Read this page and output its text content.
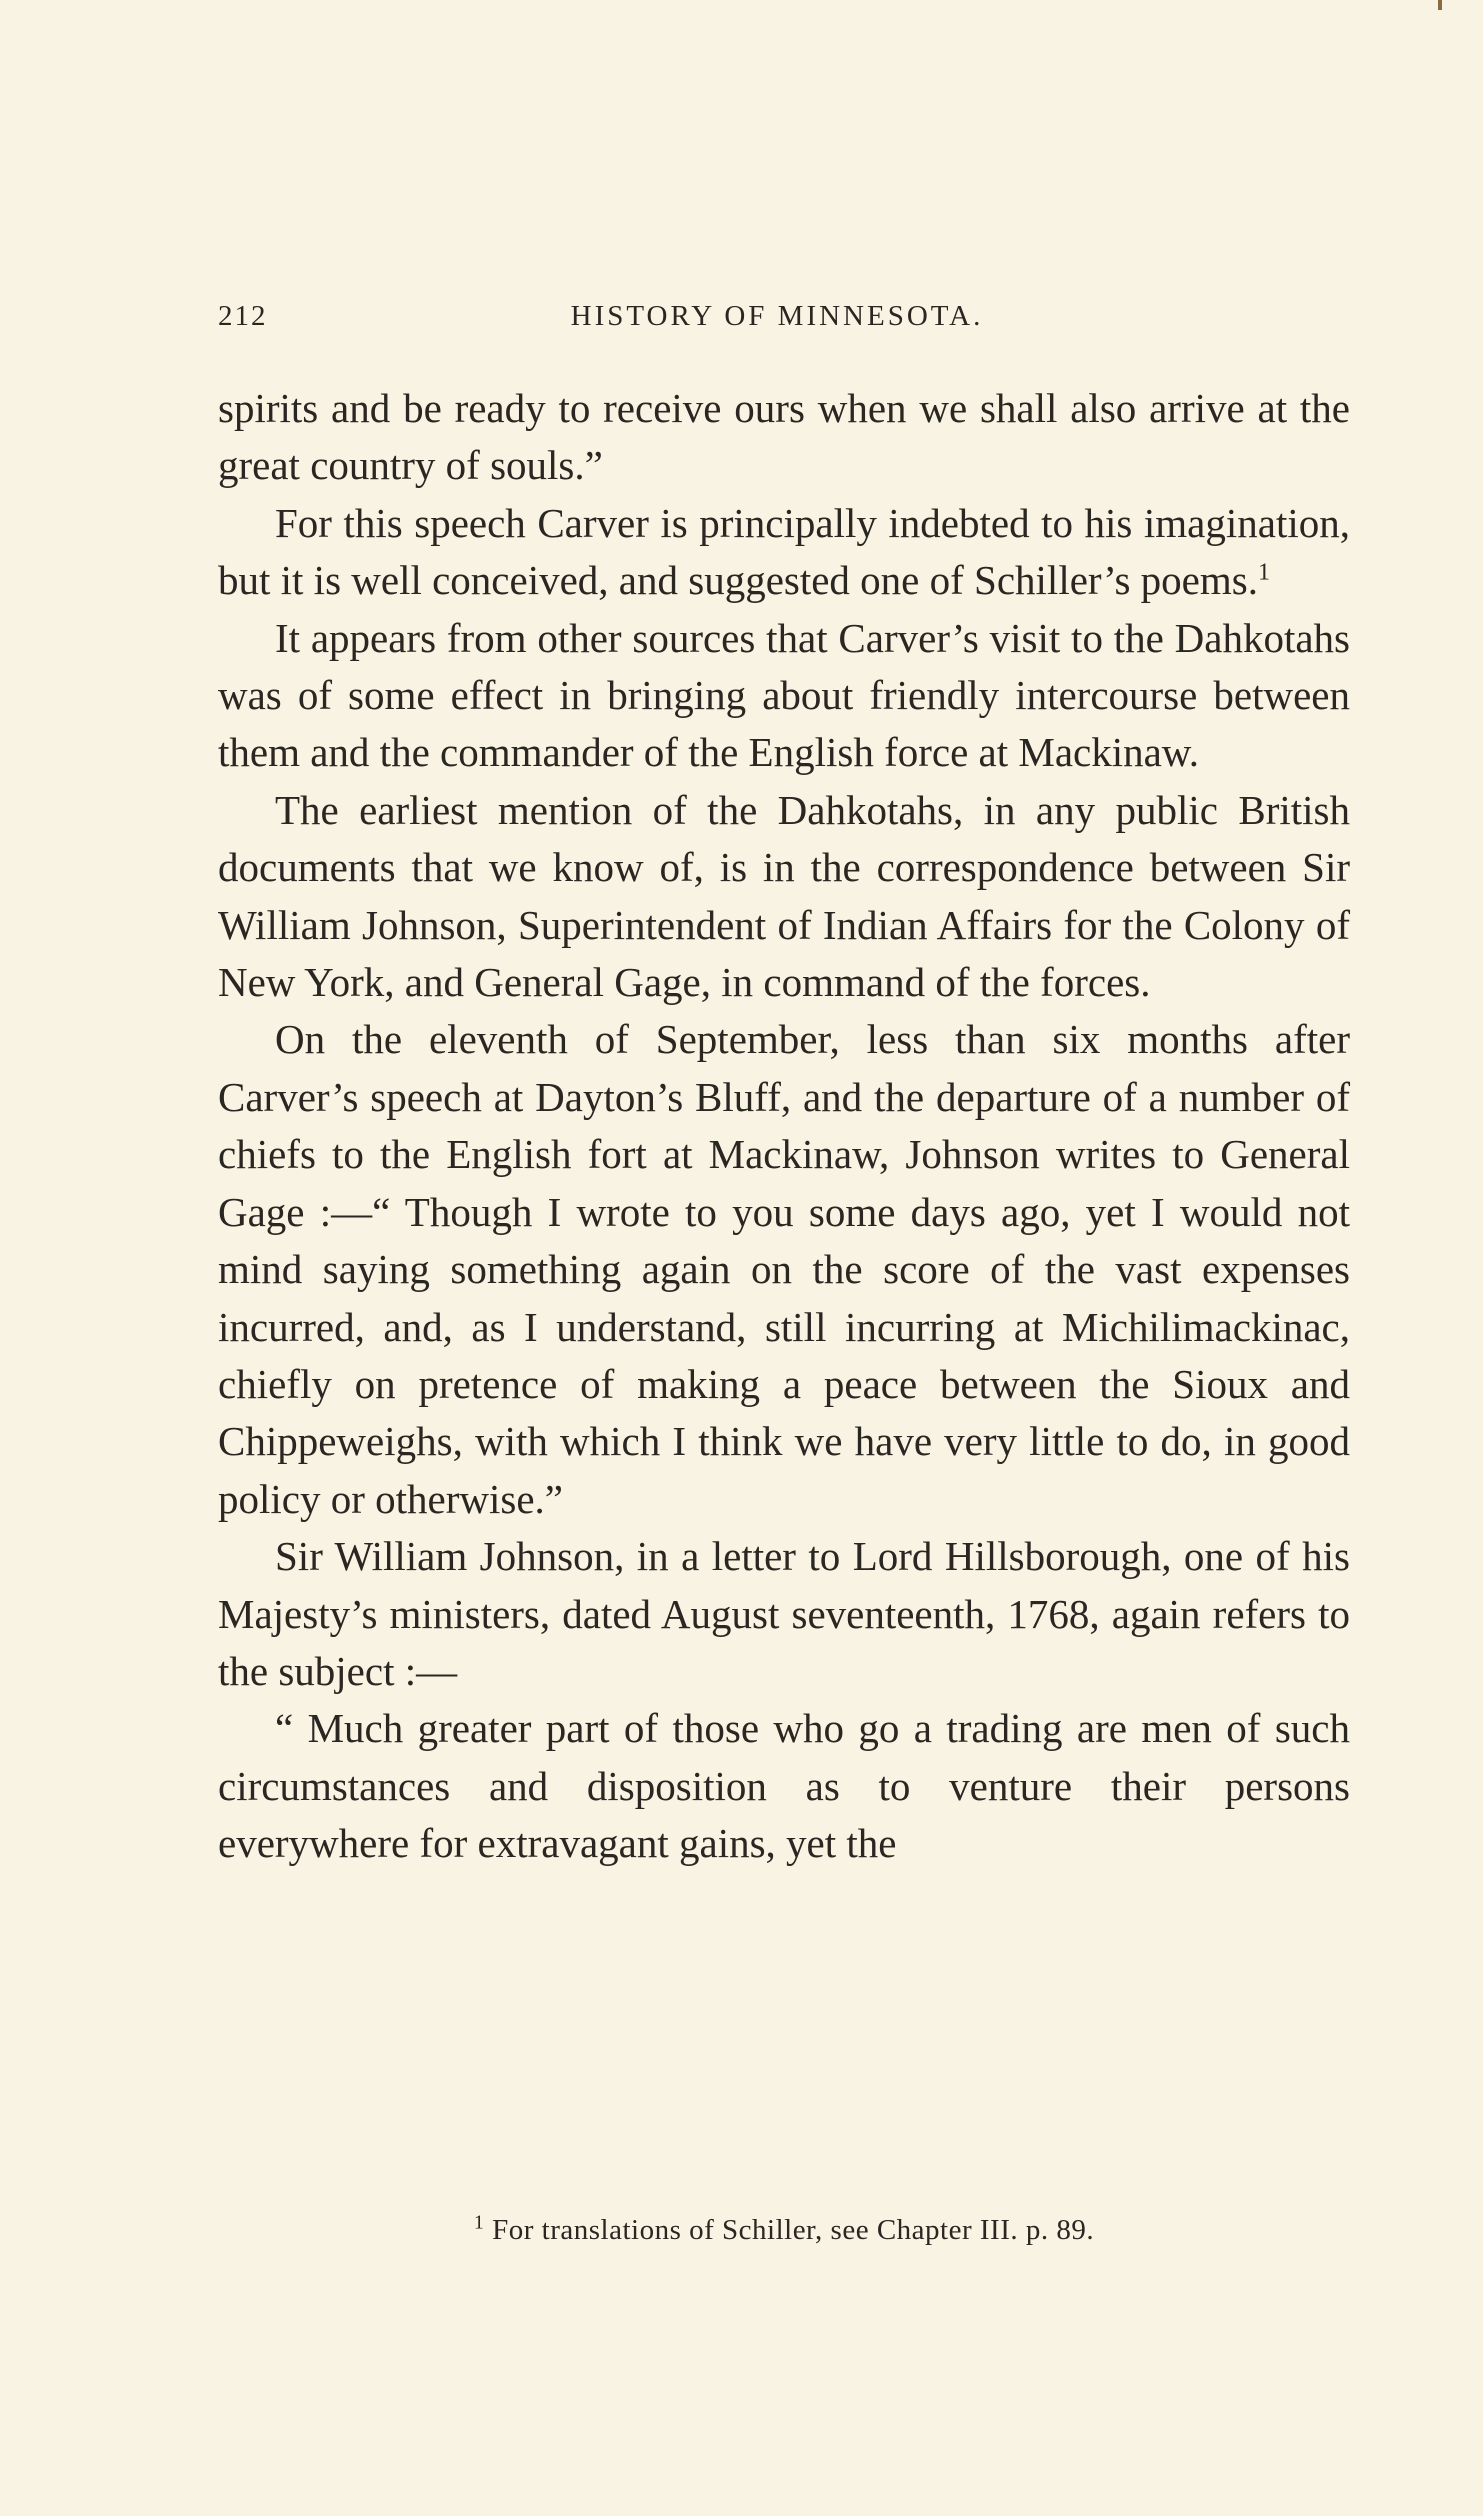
212	HISTORY OF MINNESOTA.

spirits and be ready to receive ours when we shall also arrive at the great country of souls.”

For this speech Carver is principally indebted to his imagination, but it is well conceived, and suggested one of Schiller’s poems.$^1$

It appears from other sources that Carver’s visit to the Dahkotahs was of some effect in bringing about friendly intercourse between them and the commander of the English force at Mackinaw.

The earliest mention of the Dahkotahs, in any public British documents that we know of, is in the correspondence between Sir William Johnson, Superintendent of Indian Affairs for the Colony of New York, and General Gage, in command of the forces.

On the eleventh of September, less than six months after Carver’s speech at Dayton’s Bluff, and the departure of a number of chiefs to the English fort at Mackinaw, Johnson writes to General Gage :—“ Though I wrote to you some days ago, yet I would not mind saying something again on the score of the vast expenses incurred, and, as I understand, still incurring at Michilimackinac, chiefly on pretence of making a peace between the Sioux and Chippeweighs, with which I think we have very little to do, in good policy or otherwise.”

Sir William Johnson, in a letter to Lord Hillsborough, one of his Majesty’s ministers, dated August seventeenth, 1768, again refers to the subject :—

“ Much greater part of those who go a trading are men of such circumstances and disposition as to venture their persons everywhere for extravagant gains, yet the

$^1$ For translations of Schiller, see Chapter III. p. 89.
